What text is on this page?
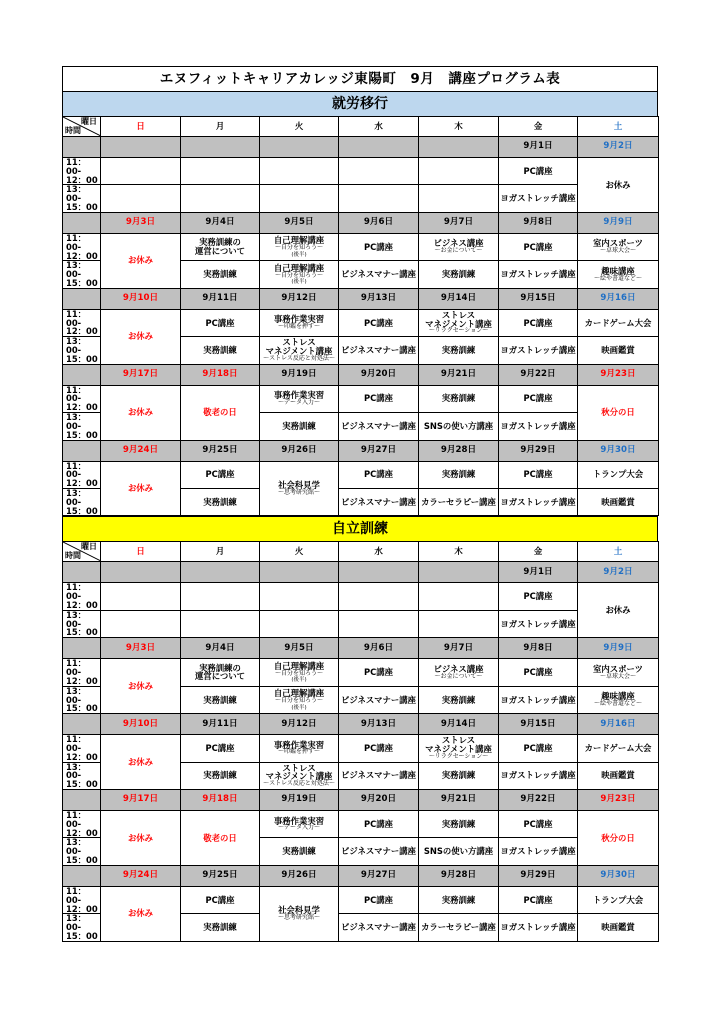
エヌフィットキャリアカレッジ東陽町　9月　講座プログラム表
就労移行
曜日
時間	日	月	火	水	木	金	土
						9月1日	9月2日
11：00-
12：00						PC講座	お休み
13：00-
15：00						ヨガストレッチ講座	
	9月3日	9月4日	9月5日	9月6日	9月7日	9月8日	9月9日
11：00-
12：00	お休み	実務訓練の
運営について	自己理解講座
～自分を知ろう～
(後半)	PC講座	ビジネス講座
～お金について～	PC講座	室内スポーツ
～卓球大会～

13：00-
15：00		実務訓練	自己理解講座
～自分を知ろう～
(後半)	ビジネスマナー講座	実務訓練	ヨガストレッチ講座	趣味講座
～絵や書道など～

	9月10日	9月11日	9月12日	9月13日	9月14日	9月15日	9月16日
11：00-
12：00	お休み	PC講座	事務作業実習
～印鑑を押す～	PC講座	ストレス
マネジメント講座
～リラクセーション～	PC講座	カードゲーム大会
13：00-
15：00		実務訓練	ストレス
マネジメント講座
～ストレス反応と対処法～	ビジネスマナー講座	実務訓練	ヨガストレッチ講座	映画鑑賞
	9月17日	9月18日	9月19日	9月20日	9月21日	9月22日	9月23日
11：00-
12：00	お休み	敬老の日	事務作業実習
～データ入力～	PC講座	実務訓練	PC講座	秋分の日
13：00-
15：00			実務訓練	ビジネスマナー講座	SNSの使い方講座	ヨガストレッチ講座	
	9月24日	9月25日	9月26日	9月27日	9月28日	9月29日	9月30日
11：00-
12：00	お休み	PC講座	社会科見学
～思考研究館～	PC講座	実務訓練	PC講座	トランプ大会
13：00-
15：00		実務訓練		ビジネスマナー講座	カラーセラピー講座	ヨガストレッチ講座	映画鑑賞
自立訓練
曜日
時間	日	月	火	水	木	金	土
						9月1日	9月2日
11：00-
12：00						PC講座	お休み
13：00-
15：00						ヨガストレッチ講座	
	9月3日	9月4日	9月5日	9月6日	9月7日	9月8日	9月9日
11：00-
12：00	お休み	実務訓練の
運営について	自己理解講座
～自分を知ろう～
(後半)	PC講座	ビジネス講座
～お金について～	PC講座	室内スポーツ
～卓球大会～

13：00-
15：00		実務訓練	自己理解講座
～自分を知ろう～
(後半)	ビジネスマナー講座	実務訓練	ヨガストレッチ講座	趣味講座
～絵や書道など～

	9月10日	9月11日	9月12日	9月13日	9月14日	9月15日	9月16日
11：00-
12：00	お休み	PC講座	事務作業実習
～印鑑を押す～	PC講座	ストレス
マネジメント講座
～リラクセーション～	PC講座	カードゲーム大会
13：00-
15：00		実務訓練	ストレス
マネジメント講座
～ストレス反応と対処法～	ビジネスマナー講座	実務訓練	ヨガストレッチ講座	映画鑑賞
	9月17日	9月18日	9月19日	9月20日	9月21日	9月22日	9月23日
11：00-
12：00	お休み	敬老の日	事務作業実習
～データ入力～	PC講座	実務訓練	PC講座	秋分の日
13：00-
15：00			実務訓練	ビジネスマナー講座	SNSの使い方講座	ヨガストレッチ講座	
	9月24日	9月25日	9月26日	9月27日	9月28日	9月29日	9月30日
11：00-
12：00	お休み	PC講座	社会科見学
～思考研究館～	PC講座	実務訓練	PC講座	トランプ大会
13：00-
15：00		実務訓練		ビジネスマナー講座	カラーセラピー講座	ヨガストレッチ講座	映画鑑賞
